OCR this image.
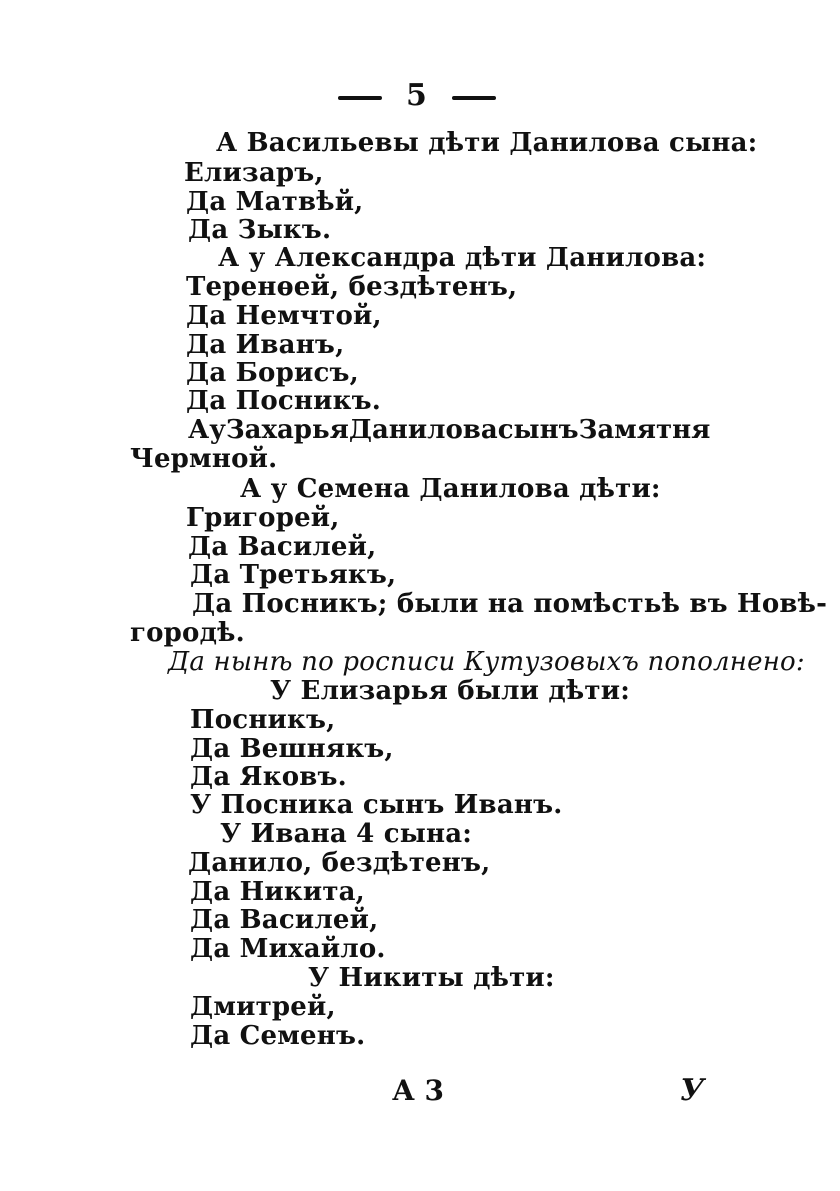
5
А Васильевы дѣти Данилова сына:
Елизаръ,
Да Матвѣй,
Да Зыкъ.
А у Александра дѣти Данилова:
Теренѳей, бездѣтенъ,
Да Немчтой,
Да Иванъ,
Да Борисъ,
Да Посникъ.
А у Захарья Данилова сынъ Замятня
Чермной.
А у Семена Данилова дѣти:
Григорей,
Да Василей,
Да Третьякъ,
Да Посникъ; были на помѣстьѣ въ Новѣ-
городѣ.
Да нынѣ по росписи Кутузовыхъ пополнено:
У Елизарья были дѣти:
Посникъ,
Да Вешнякъ,
Да Яковъ.
У Посника сынъ Иванъ.
У Ивана 4 сына:
Данило, бездѣтенъ,
Да Никита,
Да Василей,
Да Михайло.
У Никиты дѣти:
Дмитрей,
Да Семенъ.
А 3	У
